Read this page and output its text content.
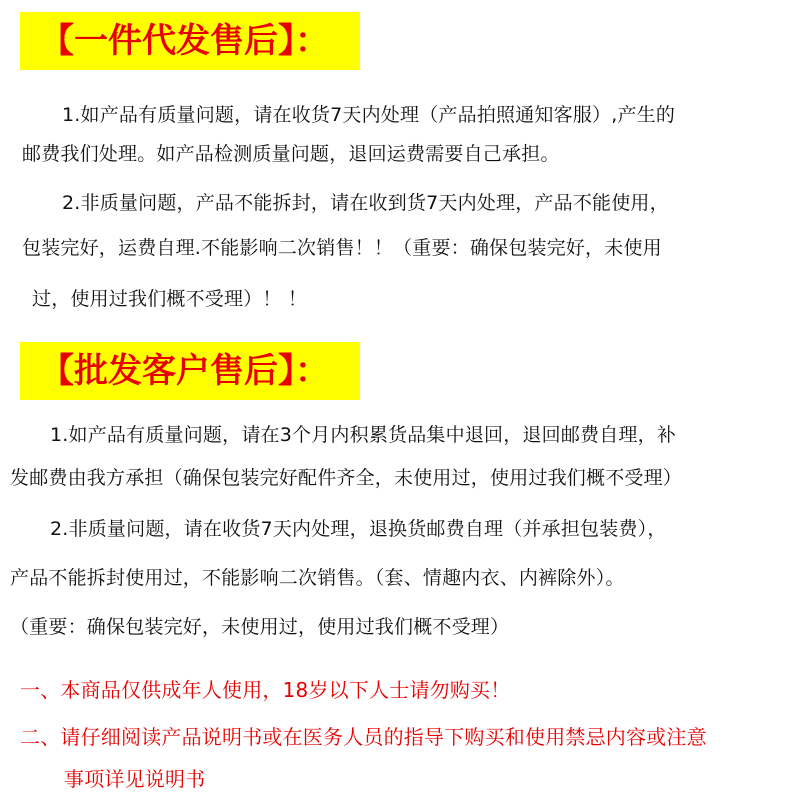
【一件代发售后】：
1.如产品有质量问题，请在收货7天内处理（产品拍照通知客服）,产生的
邮费我们处理。如产品检测质量问题，退回运费需要自己承担。
2.非质量问题，产品不能拆封，请在收到货7天内处理，产品不能使用，
包装完好，运费自理.不能影响二次销售！！（重要：确保包装完好，未使用
过，使用过我们概不受理）！ ！
【批发客户售后】：
1.如产品有质量问题，请在3个月内积累货品集中退回，退回邮费自理，补
发邮费由我方承担（确保包装完好配件齐全，未使用过，使用过我们概不受理）
2.非质量问题，请在收货7天内处理，退换货邮费自理（并承担包装费），
产品不能拆封使用过，不能影响二次销售。（套、情趣内衣、内裤除外）。
（重要：确保包装完好，未使用过，使用过我们概不受理）
一、本商品仅供成年人使用，18岁以下人士请勿购买！
二、请仔细阅读产品说明书或在医务人员的指导下购买和使用禁忌内容或注意
事项详见说明书
